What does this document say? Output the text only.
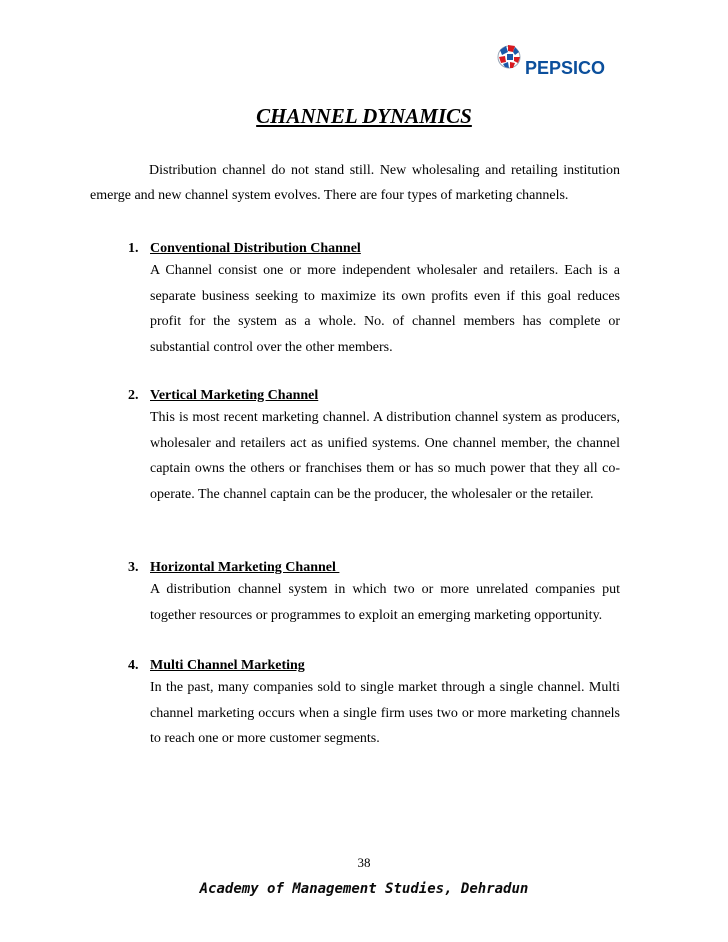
PEPSICO
CHANNEL DYNAMICS

Distribution channel do not stand still. New wholesaling and retailing institution emerge and new channel system evolves. There are four types of marketing channels.

1. Conventional Distribution Channel

A Channel consist one or more independent wholesaler and retailers. Each is a separate business seeking to maximize its own profits even if this goal reduces profit for the system as a whole. No. of channel members has complete or substantial control over the other members.

2. Vertical Marketing Channel

This is most recent marketing channel. A distribution channel system as producers, wholesaler and retailers act as unified systems. One channel member, the channel captain owns the others or franchises them or has so much power that they all co-operate. The channel captain can be the producer, the wholesaler or the retailer.

3. Horizontal Marketing Channel

A distribution channel system in which two or more unrelated companies put together resources or programmes to exploit an emerging marketing opportunity.

4. Multi Channel Marketing

In the past, many companies sold to single market through a single channel. Multi channel marketing occurs when a single firm uses two or more marketing channels to reach one or more customer segments.

38
Academy of Management Studies, Dehradun
